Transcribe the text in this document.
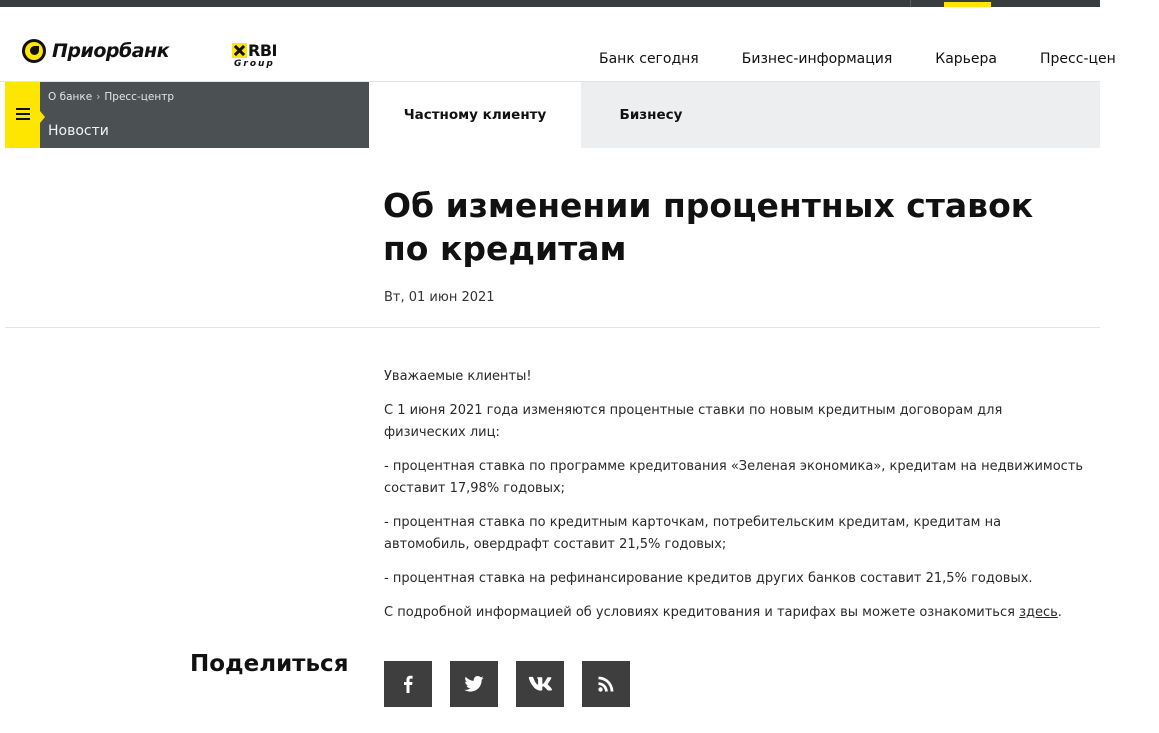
Приорбанк	RBI
Group	Банк сегодня	Бизнес-информация	Карьера	Пресс-цен
О банке › Пресс-центр
Новости
Частному клиенту	Бизнесу
Об изменении процентных ставок по кредитам
Вт, 01 июн 2021

Уважаемые клиенты!

С 1 июня 2021 года изменяются процентные ставки по новым кредитным договорам для физических лиц:

- процентная ставка по программе кредитования «Зеленая экономика», кредитам на недвижимость составит 17,98% годовых;

- процентная ставка по кредитным карточкам, потребительским кредитам, кредитам на автомобиль, овердрафт составит 21,5% годовых;

- процентная ставка на рефинансирование кредитов других банков составит 21,5% годовых.

С подробной информацией об условиях кредитования и тарифах вы можете ознакомиться здесь.

Поделиться
